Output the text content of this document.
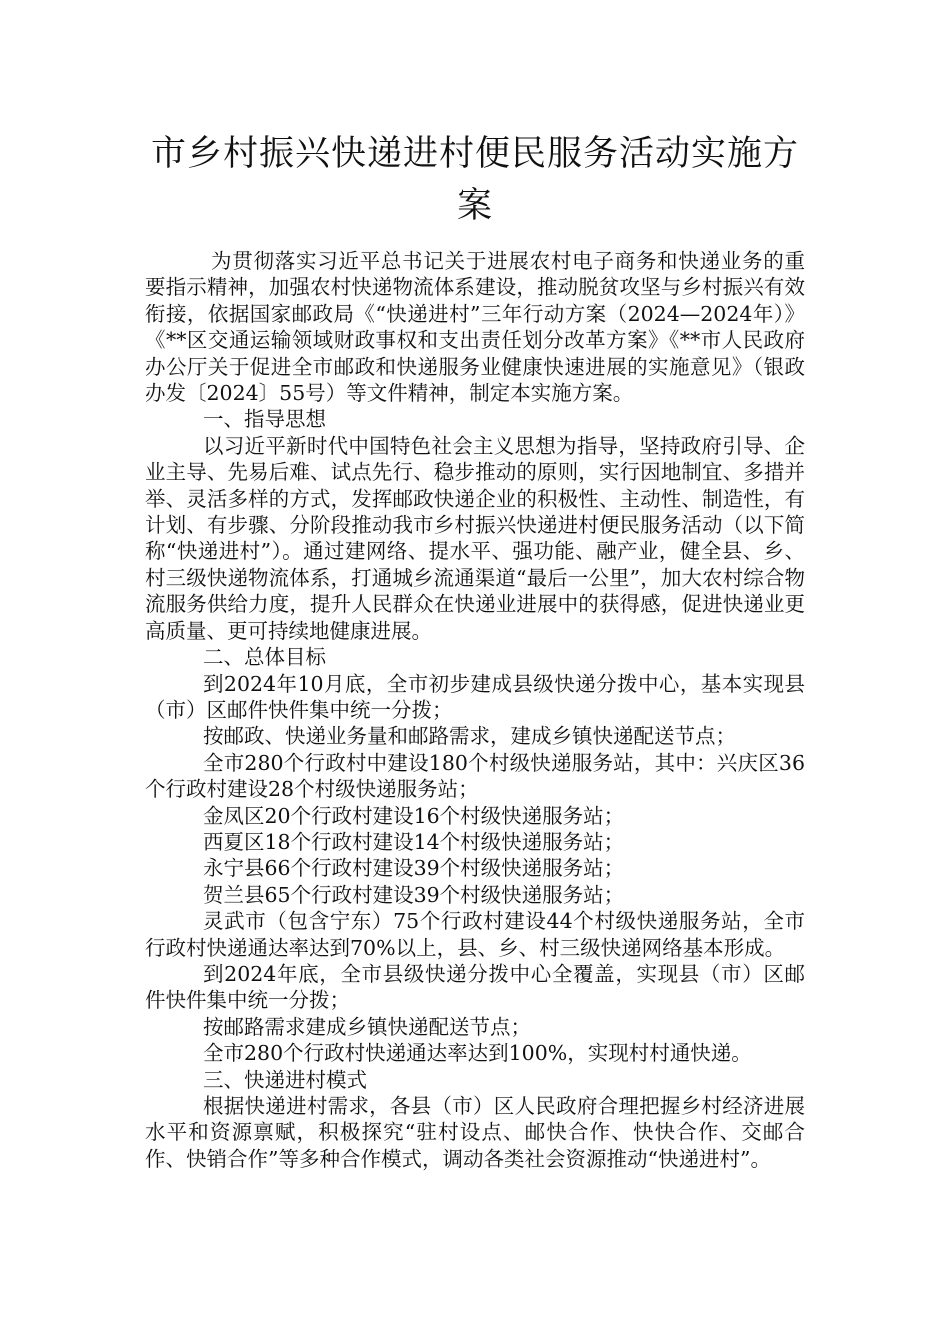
市乡村振兴快递进村便民服务活动实施方案

为贯彻落实习近平总书记关于进展农村电子商务和快递业务的重要指示精神，加强农村快递物流体系建设，推动脱贫攻坚与乡村振兴有效衔接，依据国家邮政局《“快递进村”三年行动方案（2024—2024年）》《**区交通运输领域财政事权和支出责任划分改革方案》《**市人民政府办公厅关于促进全市邮政和快递服务业健康快速进展的实施意见》（银政办发〔2024〕55号）等文件精神，制定本实施方案。

一、指导思想

以习近平新时代中国特色社会主义思想为指导，坚持政府引导、企业主导、先易后难、试点先行、稳步推动的原则，实行因地制宜、多措并举、灵活多样的方式，发挥邮政快递企业的积极性、主动性、制造性，有计划、有步骤、分阶段推动我市乡村振兴快递进村便民服务活动（以下简称“快递进村”）。通过建网络、提水平、强功能、融产业，健全县、乡、村三级快递物流体系，打通城乡流通渠道“最后一公里”，加大农村综合物流服务供给力度，提升人民群众在快递业进展中的获得感，促进快递业更高质量、更可持续地健康进展。

二、总体目标

到2024年10月底，全市初步建成县级快递分拨中心，基本实现县（市）区邮件快件集中统一分拨；

按邮政、快递业务量和邮路需求，建成乡镇快递配送节点；

全市280个行政村中建设180个村级快递服务站，其中：兴庆区36个行政村建设28个村级快递服务站；

金凤区20个行政村建设16个村级快递服务站；

西夏区18个行政村建设14个村级快递服务站；

永宁县66个行政村建设39个村级快递服务站；

贺兰县65个行政村建设39个村级快递服务站；

灵武市（包含宁东）75个行政村建设44个村级快递服务站，全市行政村快递通达率达到70%以上，县、乡、村三级快递网络基本形成。

到2024年底，全市县级快递分拨中心全覆盖，实现县（市）区邮件快件集中统一分拨；

按邮路需求建成乡镇快递配送节点；

全市280个行政村快递通达率达到100%，实现村村通快递。

三、快递进村模式

根据快递进村需求，各县（市）区人民政府合理把握乡村经济进展水平和资源禀赋，积极探究“驻村设点、邮快合作、快快合作、交邮合作、快销合作”等多种合作模式，调动各类社会资源推动“快递进村”。
